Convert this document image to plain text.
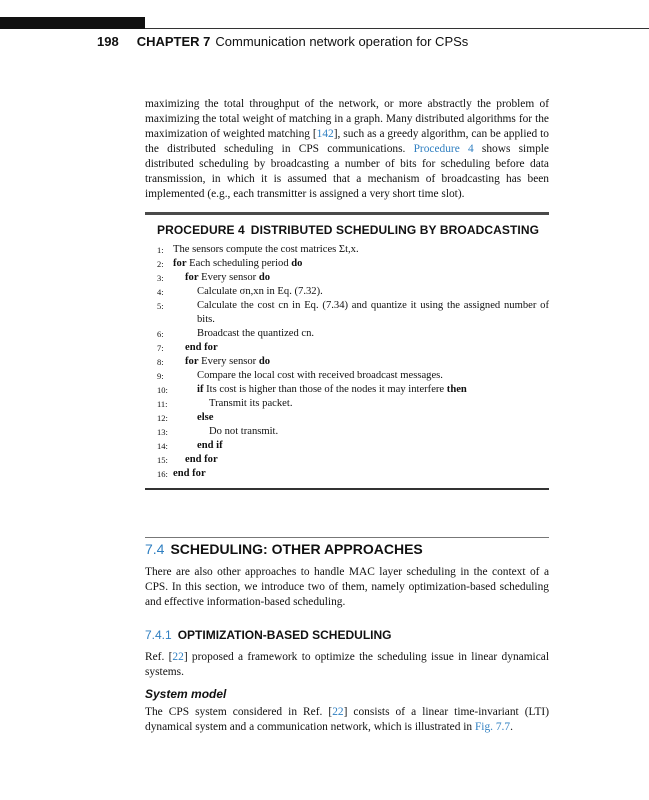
198 CHAPTER 7 Communication network operation for CPSs
maximizing the total throughput of the network, or more abstractly the problem of maximizing the total weight of matching in a graph. Many distributed algorithms for the maximization of weighted matching [142], such as a greedy algorithm, can be applied to the distributed scheduling in CPS communications. Procedure 4 shows simple distributed scheduling by broadcasting a number of bits for scheduling before data transmission, in which it is assumed that a mechanism of broadcasting has been implemented (e.g., each transmitter is assigned a very short time slot).
PROCEDURE 4 DISTRIBUTED SCHEDULING BY BROADCASTING
1: The sensors compute the cost matrices Σt,x.
2: for Each scheduling period do
3: for Every sensor do
4:	Calculate σn,xn in Eq. (7.32).
5:	Calculate the cost cn in Eq. (7.34) and quantize it using the assigned number of bits.
6:	Broadcast the quantized cn.
7: end for
8: for Every sensor do
9:	Compare the local cost with received broadcast messages.
10:	if Its cost is higher than those of the nodes it may interfere then
11:	Transmit its packet.
12:	else
13:	Do not transmit.
14:	end if
15: end for
16: end for
7.4 SCHEDULING: OTHER APPROACHES
There are also other approaches to handle MAC layer scheduling in the context of a CPS. In this section, we introduce two of them, namely optimization-based scheduling and effective information-based scheduling.
7.4.1 OPTIMIZATION-BASED SCHEDULING
Ref. [22] proposed a framework to optimize the scheduling issue in linear dynamical systems.
System model
The CPS system considered in Ref. [22] consists of a linear time-invariant (LTI) dynamical system and a communication network, which is illustrated in Fig. 7.7.
